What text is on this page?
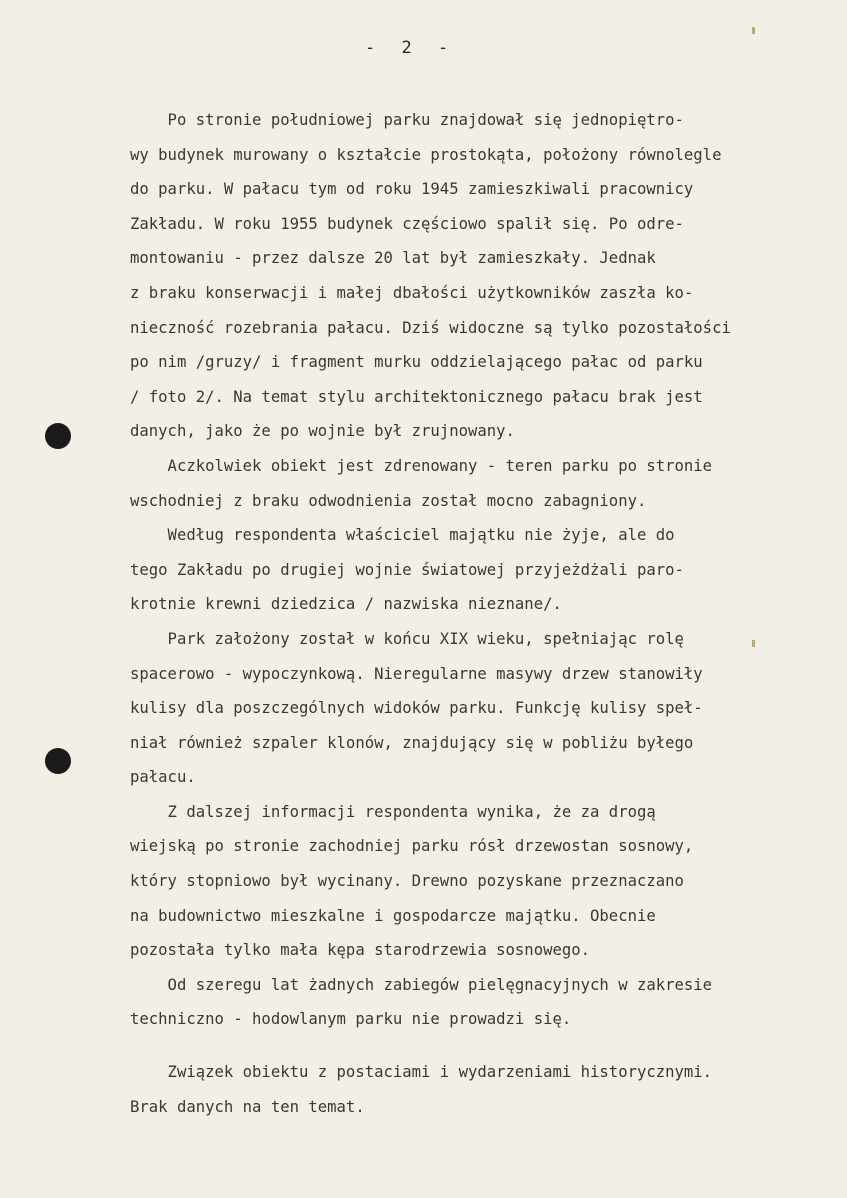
- 2 -
Po stronie południowej parku znajdował się jednopiętro-
wy budynek murowany o kształcie prostokąta, położony równolegle
do parku. W pałacu tym od roku 1945 zamieszkiwali pracownicy
Zakładu. W roku 1955 budynek częściowo spalił się. Po odre-
montowaniu - przez dalsze 20 lat był zamieszkały. Jednak
z braku konserwacji i małej dbałości użytkowników zaszła ko-
nieczność rozebrania pałacu. Dziś widoczne są tylko pozostałości
po nim /gruzy/ i fragment murku oddzielającego pałac od parku
/ foto 2/. Na temat stylu architektonicznego pałacu brak jest
danych, jako że po wojnie był zrujnowany.
Aczkolwiek obiekt jest zdrenowany - teren parku po stronie
wschodniej z braku odwodnienia został mocno zabagniony.
Według respondenta właściciel majątku nie żyje, ale do
tego Zakładu po drugiej wojnie światowej przyjeżdżali paro-
krotnie krewni dziedzica / nazwiska nieznane/.
Park założony został w końcu XIX wieku, spełniając rolę
spacerowo - wypoczynkową. Nieregularne masywy drzew stanowiły
kulisy dla poszczególnych widoków parku. Funkcję kulisy speł-
niał również szpaler klonów, znajdujący się w pobliżu byłego
pałacu.
Z dalszej informacji respondenta wynika, że za drogą
wiejską po stronie zachodniej parku rósł drzewostan sosnowy,
który stopniowo był wycinany. Drewno pozyskane przeznaczano
na budownictwo mieszkalne i gospodarcze majątku. Obecnie
pozostała tylko mała kępa starodrzewia sosnowego.
Od szeregu lat żadnych zabiegów pielęgnacyjnych w zakresie
techniczno - hodowlanym parku nie prowadzi się.
Związek obiektu z postaciami i wydarzeniami historycznymi.
Brak danych na ten temat.
